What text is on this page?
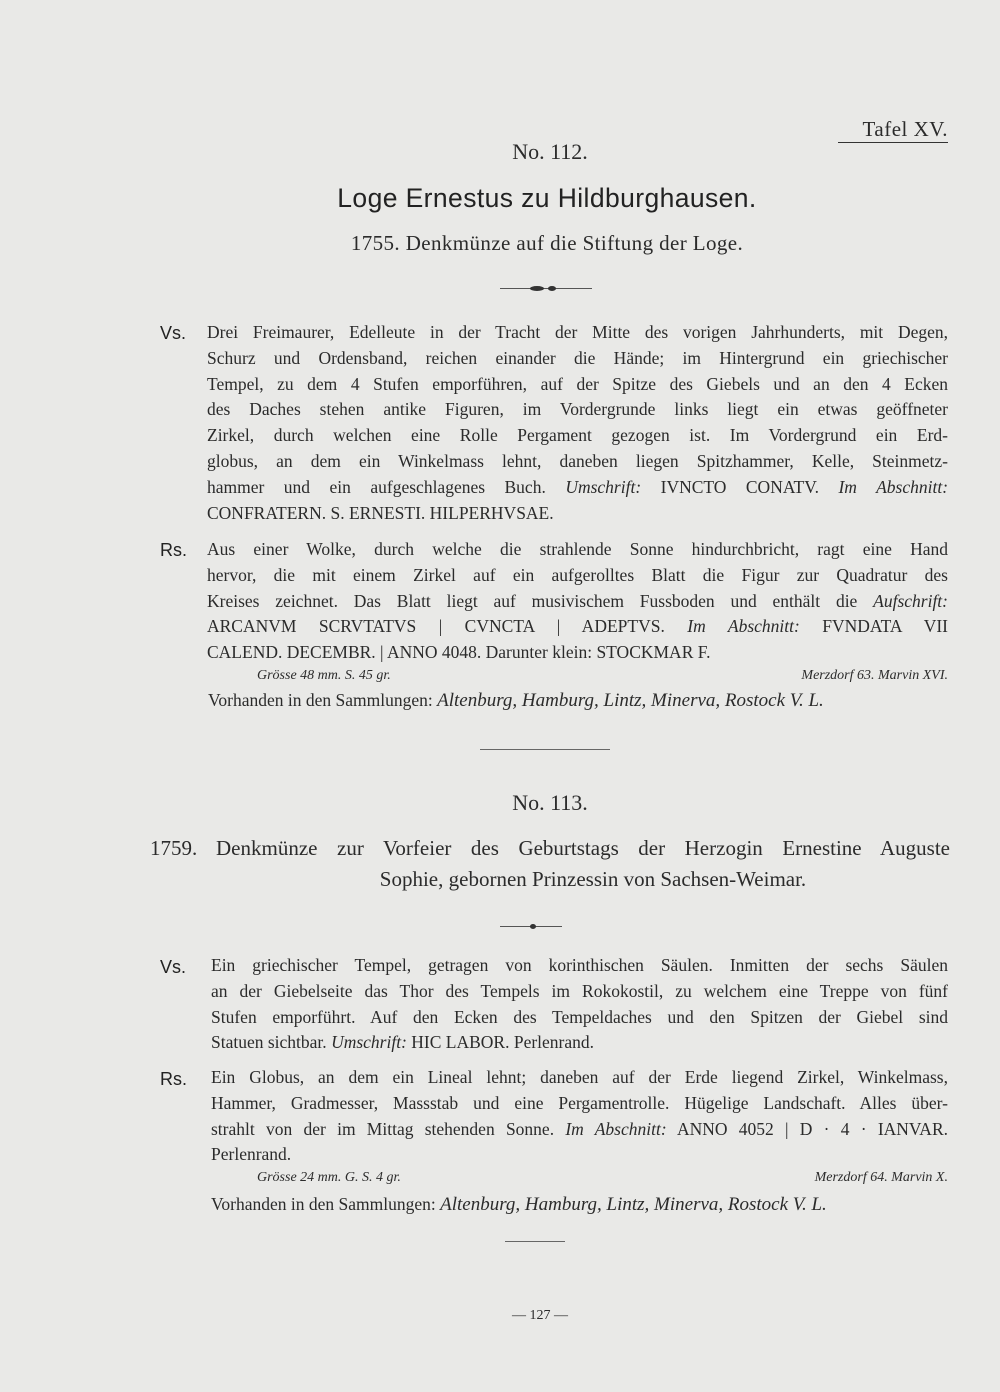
Tafel XV.
No. 112.
Loge Ernestus zu Hildburghausen.
1755. Denkmünze auf die Stiftung der Loge.
Vs.	Drei Freimaurer, Edelleute in der Tracht der Mitte des vorigen Jahrhunderts, mit Degen,
Schurz und Ordensband, reichen einander die Hände; im Hintergrund ein griechischer
Tempel, zu dem 4 Stufen emporführen, auf der Spitze des Giebels und an den 4 Ecken
des Daches stehen antike Figuren, im Vordergrunde links liegt ein etwas geöffneter
Zirkel, durch welchen eine Rolle Pergament gezogen ist. Im Vordergrund ein Erd-
globus, an dem ein Winkelmass lehnt, daneben liegen Spitzhammer, Kelle, Steinmetz-
hammer und ein aufgeschlagenes Buch. Umschrift: IVNCTO CONATV. Im Abschnitt:
CONFRATERN. S. ERNESTI. HILPERHVSAE.
Rs.	Aus einer Wolke, durch welche die strahlende Sonne hindurchbricht, ragt eine Hand
hervor, die mit einem Zirkel auf ein aufgerolltes Blatt die Figur zur Quadratur des
Kreises zeichnet. Das Blatt liegt auf musivischem Fussboden und enthält die Aufschrift:
ARCANVM SCRVTATVS | CVNCTA | ADEPTVS. Im Abschnitt: FVNDATA VII
CALEND. DECEMBR. | ANNO 4048. Darunter klein: STOCKMAR F.
Grösse 48 mm. S. 45 gr.	Merzdorf 63. Marvin XVI.
Vorhanden in den Sammlungen: Altenburg, Hamburg, Lintz, Minerva, Rostock V. L.
No. 113.
1759. Denkmünze zur Vorfeier des Geburtstags der Herzogin Ernestine Auguste
Sophie, gebornen Prinzessin von Sachsen-Weimar.
Vs.	Ein griechischer Tempel, getragen von korinthischen Säulen. Inmitten der sechs Säulen
an der Giebelseite das Thor des Tempels im Rokokostil, zu welchem eine Treppe von fünf
Stufen emporführt. Auf den Ecken des Tempeldaches und den Spitzen der Giebel sind
Statuen sichtbar. Umschrift: HIC LABOR. Perlenrand.
Rs.	Ein Globus, an dem ein Lineal lehnt; daneben auf der Erde liegend Zirkel, Winkelmass,
Hammer, Gradmesser, Massstab und eine Pergamentrolle. Hügelige Landschaft. Alles über-
strahlt von der im Mittag stehenden Sonne. Im Abschnitt: ANNO 4052 | D · 4 · IANVAR.
Perlenrand.
Grösse 24 mm. G. S. 4 gr.	Merzdorf 64. Marvin X.
Vorhanden in den Sammlungen: Altenburg, Hamburg, Lintz, Minerva, Rostock V. L.
— 127 —
